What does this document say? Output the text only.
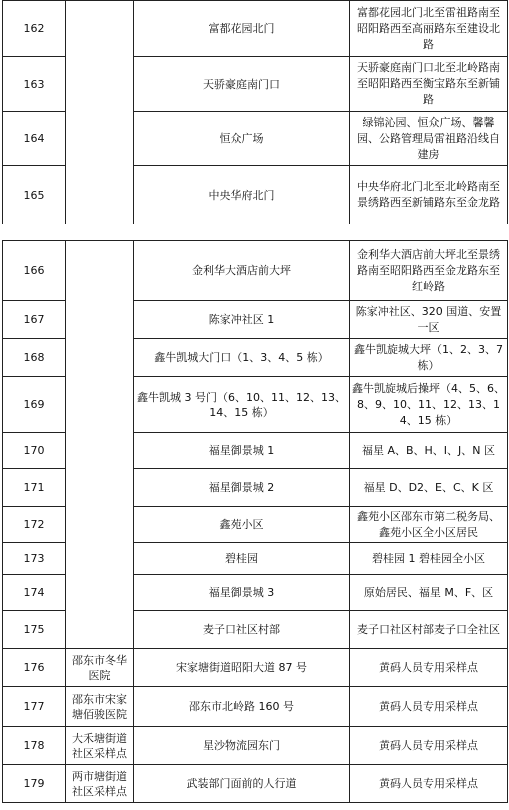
162		富都花园北门	富都花园北门北至雷祖路南至昭阳路西至高丽路东至建设北路
163		天骄豪庭南门口	天骄豪庭南门口北至北岭路南至昭阳路西至衡宝路东至新铺路
164		恒众广场	绿锦沁园、恒众广场、馨馨园、公路管理局雷祖路沿线自建房
165		中央华府北门	中央华府北门北至北岭路南至景绣路西至新铺路东至金龙路
166		金利华大酒店前大坪	金利华大酒店前大坪北至景绣路南至昭阳路西至金龙路东至红岭路
167		陈家冲社区 1	陈家冲社区、320 国道、安置一区
168		鑫牛凯城大门口（1、3、4、5 栋）	鑫牛凯旋城大坪（1、2、3、7 栋）
169		鑫牛凯城 3 号门（6、10、11、12、13、14、15 栋）	鑫牛凯旋城后操坪（4、5、6、8、9、10、11、12、13、14、15 栋）
170		福星御景城 1	福星 A、B、H、I、J、N 区
171		福星御景城 2	福星 D、D2、E、C、K 区
172		鑫苑小区	鑫苑小区邵东市第二税务局、鑫苑小区全小区居民
173		碧桂园	碧桂园 1 碧桂园全小区
174		福星御景城 3	原始居民、福星 M、F、区
175		麦子口社区村部	麦子口社区村部麦子口全社区
176	邵东市冬华医院	宋家塘街道昭阳大道 87 号	黄码人员专用采样点
177	邵东市宋家塘佰骏医院	邵东市北岭路 160 号	黄码人员专用采样点
178	大禾塘街道社区采样点	星沙物流园东门	黄码人员专用采样点
179	两市塘街道社区采样点	武装部门面前的人行道	黄码人员专用采样点
